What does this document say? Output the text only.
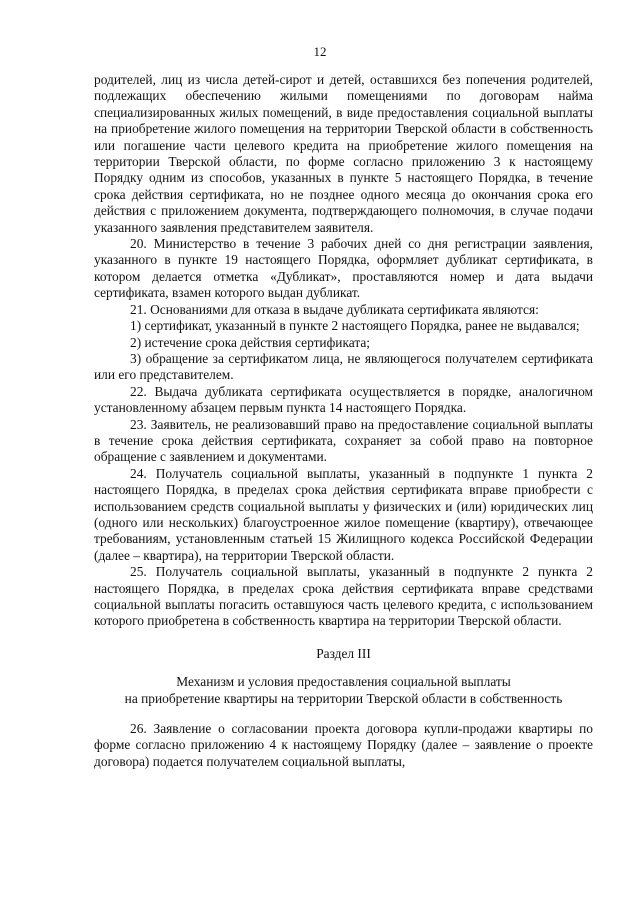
12

родителей, лиц из числа детей-сирот и детей, оставшихся без попечения родителей, подлежащих обеспечению жилыми помещениями по договорам найма специализированных жилых помещений, в виде предоставления социальной выплаты на приобретение жилого помещения на территории Тверской области в собственность или погашение части целевого кредита на приобретение жилого помещения на территории Тверской области, по форме согласно приложению 3 к настоящему Порядку одним из способов, указанных в пункте 5 настоящего Порядка, в течение срока действия сертификата, но не позднее одного месяца до окончания срока его действия с приложением документа, подтверждающего полномочия, в случае подачи указанного заявления представителем заявителя.

20. Министерство в течение 3 рабочих дней со дня регистрации заявления, указанного в пункте 19 настоящего Порядка, оформляет дубликат сертификата, в котором делается отметка «Дубликат», проставляются номер и дата выдачи сертификата, взамен которого выдан дубликат.

21. Основаниями для отказа в выдаче дубликата сертификата являются:

1) сертификат, указанный в пункте 2 настоящего Порядка, ранее не выдавался;

2) истечение срока действия сертификата;

3) обращение за сертификатом лица, не являющегося получателем сертификата или его представителем.

22. Выдача дубликата сертификата осуществляется в порядке, аналогичном установленному абзацем первым пункта 14 настоящего Порядка.

23. Заявитель, не реализовавший право на предоставление социальной выплаты в течение срока действия сертификата, сохраняет за собой право на повторное обращение с заявлением и документами.

24. Получатель социальной выплаты, указанный в подпункте 1 пункта 2 настоящего Порядка, в пределах срока действия сертификата вправе приобрести с использованием средств социальной выплаты у физических и (или) юридических лиц (одного или нескольких) благоустроенное жилое помещение (квартиру), отвечающее требованиям, установленным статьей 15 Жилищного кодекса Российской Федерации (далее – квартира), на территории Тверской области.

25. Получатель социальной выплаты, указанный в подпункте 2 пункта 2 настоящего Порядка, в пределах срока действия сертификата вправе средствами социальной выплаты погасить оставшуюся часть целевого кредита, с использованием которого приобретена в собственность квартира на территории Тверской области.

Раздел III
Механизм и условия предоставления социальной выплаты
на приобретение квартиры на территории Тверской области в собственность

26. Заявление о согласовании проекта договора купли-продажи квартиры по форме согласно приложению 4 к настоящему Порядку (далее – заявление о проекте договора) подается получателем социальной выплаты,
